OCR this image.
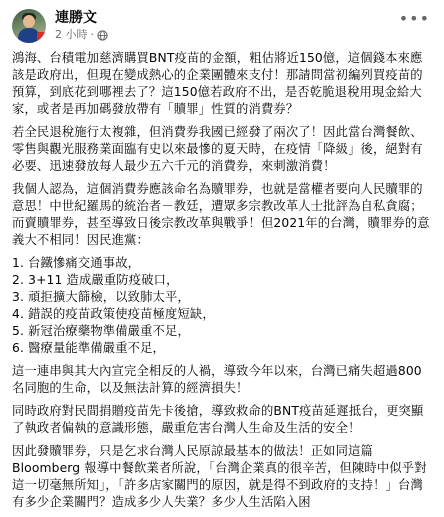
連勝文
2 小時 ·
•••

鴻海、台積電加慈濟購買BNT疫苗的金額，粗估將近150億，這個錢本來應該是政府出，但現在變成熱心的企業團體來支付！那請問當初編列買疫苗的預算，到底花到哪裡去了？這150億若政府不出，是否乾脆退稅用現金給大家，或者是再加碼發放帶有「贖罪」性質的消費券？

若全民退稅施行太複雜，但消費券我國已經發了兩次了！因此當台灣餐飲、零售與觀光服務業面臨有史以來最慘的夏天時，在疫情「降級」後，絕對有必要、迅速發放每人最少五六千元的消費券，來刺激消費！

我個人認為，這個消費券應該命名為贖罪券，也就是當權者要向人民贖罪的意思！中世紀羅馬的統治者－教廷，遭眾多宗教改革人士批評為自私貪腐；而賣贖罪券，甚至導致日後宗教改革與戰爭！但2021年的台灣，贖罪券的意義大不相同！因民進黨：

1. 台鐵慘痛交通事故，
2. 3+11 造成嚴重防疫破口，
3. 頑拒擴大篩檢，以致肺太平，
4. 錯誤的疫苗政策使疫苗極度短缺，
5. 新冠治療藥物準備嚴重不足，
6. 醫療量能準備嚴重不足，

這一連串與其大內宣完全相反的人禍，導致今年以來，台灣已痛失超過800名同胞的生命，以及無法計算的經濟損失！

同時政府對民間捐贈疫苗先卡後搶，導致救命的BNT疫苗延遲抵台，更突顯了執政者偏執的意識形態，嚴重危害台灣人生命及生活的安全！

因此發贖罪券，只是乞求台灣人民原諒最基本的做法！正如同這篇 Bloomberg 報導中餐飲業者所說，「台灣企業真的很辛苦，但陳時中似乎對這一切毫無所知」，「許多店家關門的原因，就是得不到政府的支持！」台灣有多少企業關門？造成多少人失業？多少人生活陷入困
